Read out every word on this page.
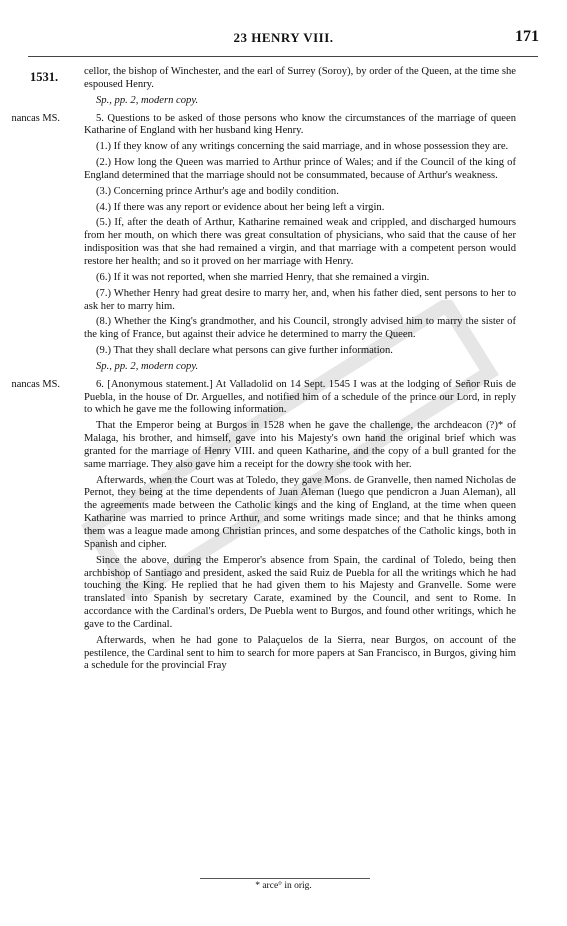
23 HENRY VIII.	171
1531. cellor, the bishop of Winchester, and the earl of Surrey (Soroy), by order of the Queen, at the time she espoused Henry.

Sp., pp. 2, modern copy.

nancas MS.	5. Questions to be asked of those persons who know the circumstances of the marriage of queen Katharine of England with her husband king Henry.

(1.) If they know of any writings concerning the said marriage, and in whose possession they are.

(2.) How long the Queen was married to Arthur prince of Wales; and if the Council of the king of England determined that the marriage should not be consummated, because of Arthur's weakness.

(3.) Concerning prince Arthur's age and bodily condition.

(4.) If there was any report or evidence about her being left a virgin.

(5.) If, after the death of Arthur, Katharine remained weak and crippled, and discharged humours from her mouth, on which there was great consultation of physicians, who said that the cause of her indisposition was that she had remained a virgin, and that marriage with a competent person would restore her health; and so it proved on her marriage with Henry.

(6.) If it was not reported, when she married Henry, that she remained a virgin.

(7.) Whether Henry had great desire to marry her, and, when his father died, sent persons to her to ask her to marry him.

(8.) Whether the King's grandmother, and his Council, strongly advised him to marry the sister of the king of France, but against their advice he determined to marry the Queen.

(9.) That they shall declare what persons can give further information.

Sp., pp. 2, modern copy.

nancas MS.	6. [Anonymous statement.] At Valladolid on 14 Sept. 1545 I was at the lodging of Señor Ruis de Puebla, in the house of Dr. Arguelles, and notified him of a schedule of the prince our Lord, in reply to which he gave me the following information.

That the Emperor being at Burgos in 1528 when he gave the challenge, the archdeacon (?)* of Malaga, his brother, and himself, gave into his Majesty's own hand the original brief which was granted for the marriage of Henry VIII. and queen Katharine, and the copy of a bull granted for the same marriage. They also gave him a receipt for the dowry she took with her.

Afterwards, when the Court was at Toledo, they gave Mons. de Granvelle, then named Nicholas de Pernot, they being at the time dependents of Juan Aleman (luego que pendicron a Juan Aleman), all the agreements made between the Catholic kings and the king of England, at the time when queen Katharine was married to prince Arthur, and some writings made since; and that he thinks among them was a league made among Christian princes, and some despatches of the Catholic kings, both in Spanish and cipher.

Since the above, during the Emperor's absence from Spain, the cardinal of Toledo, being then archbishop of Santiago and president, asked the said Ruiz de Puebla for all the writings which he had touching the King. He replied that he had given them to his Majesty and Granvelle. Some were translated into Spanish by secretary Carate, examined by the Council, and sent to Rome. In accordance with the Cardinal's orders, De Puebla went to Burgos, and found other writings, which he gave to the Cardinal.

Afterwards, when he had gone to Palaçuelos de la Sierra, near Burgos, on account of the pestilence, the Cardinal sent to him to search for more papers at San Francisco, in Burgos, giving him a schedule for the provincial Fray

* arce° in orig.
